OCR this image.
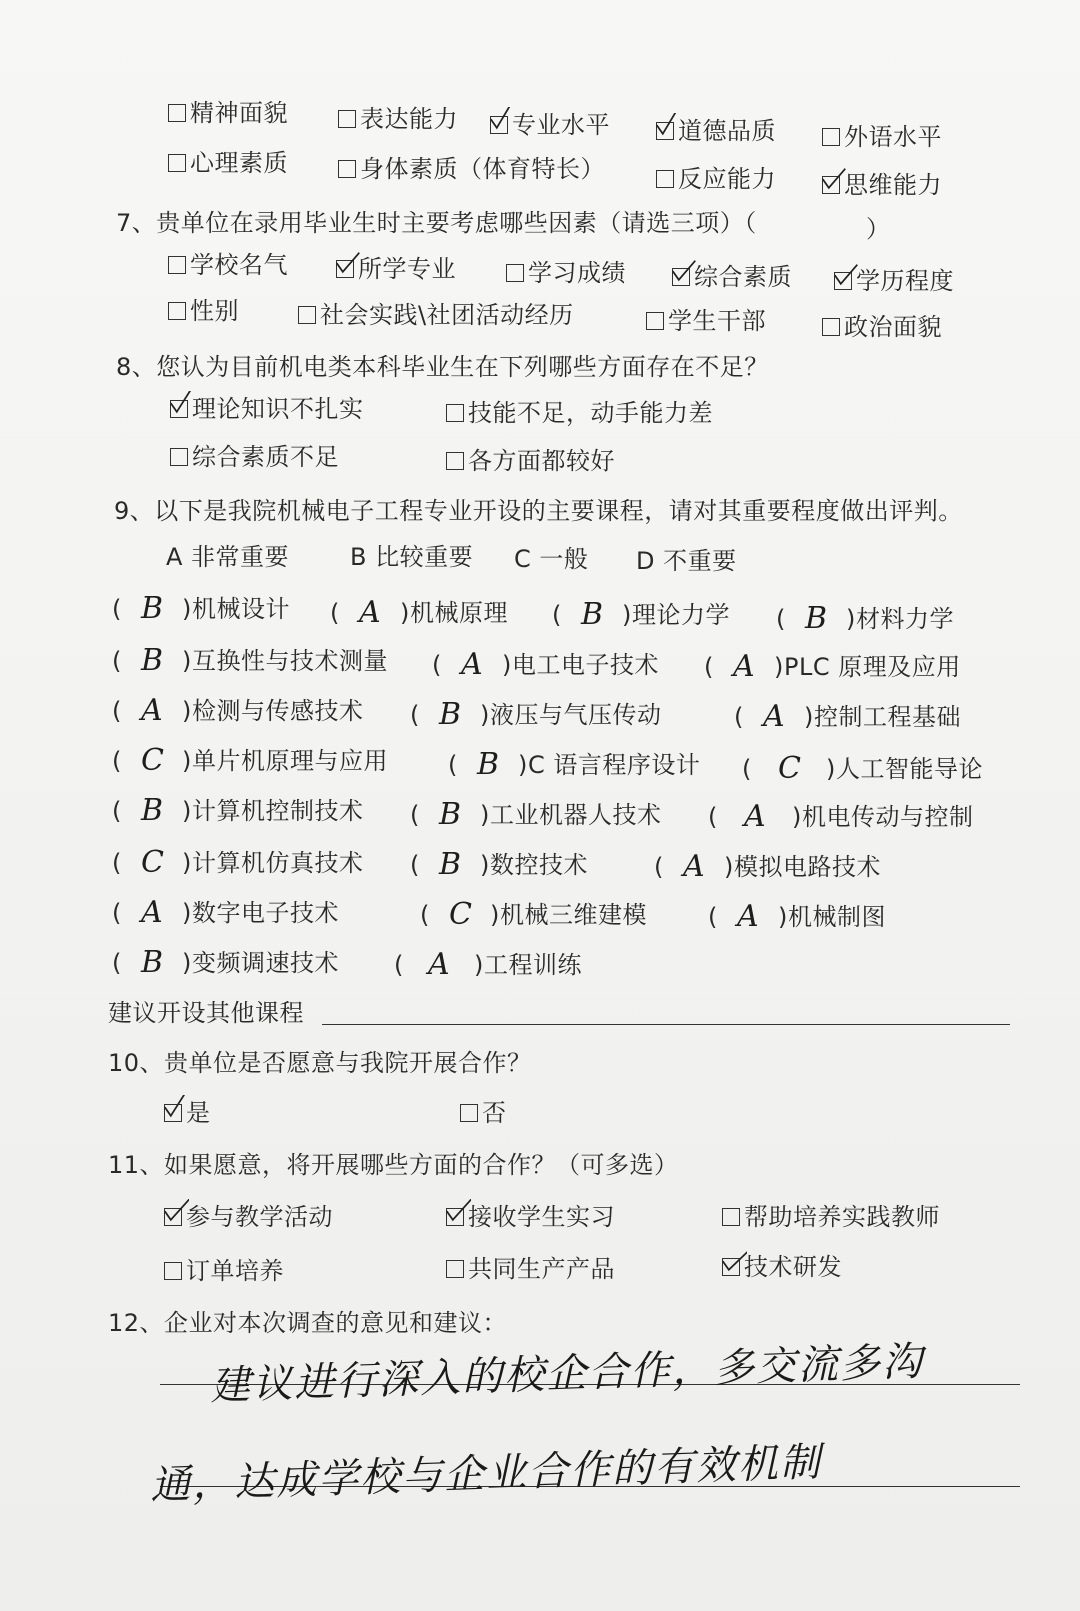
精神面貌	表达能力	专业水平	道德品质	外语水平
心理素质	身体素质（体育特长）	反应能力	思维能力
7、贵单位在录用毕业生时主要考虑哪些因素（请选三项）（	）
学校名气	所学专业	学习成绩	综合素质	学历程度
性别	社会实践\社团活动经历	学生干部	政治面貌
8、您认为目前机电类本科毕业生在下列哪些方面存在不足？
理论知识不扎实	技能不足，动手能力差
综合素质不足	各方面都较好
9、以下是我院机械电子工程专业开设的主要课程，请对其重要程度做出评判。
A 非常重要	B 比较重要 C 一般 D 不重要
( B ) 机械设计 ( A ) 机械原理 ( B ) 理论力学 ( B ) 材料力学
( B ) 互换性与技术测量 ( A ) 电工电子技术 ( A ) PLC 原理及应用
( A ) 检测与传感技术 ( B ) 液压与气压传动	( A ) 控制工程基础
( C ) 单片机原理与应用	( B ) C 语言程序设计 ( C ) 人工智能导论
( B ) 计算机控制技术 ( B ) 工业机器人技术 ( A ) 机电传动与控制
( C ) 计算机仿真技术 ( B ) 数控技术	( A ) 模拟电路技术
( A ) 数字电子技术	( C ) 机械三维建模	( A ) 机械制图
( B ) 变频调速技术 ( A ) 工程训练
建议开设其他课程
10、贵单位是否愿意与我院开展合作？
是	否
11、如果愿意，将开展哪些方面的合作？（可多选）
参与教学活动	接收学生实习	帮助培养实践教师
订单培养	共同生产产品	技术研发
12、企业对本次调查的意见和建议：
建议进行深入的校企合作，多交流多沟
通，达成学校与企业合作的有效机制
